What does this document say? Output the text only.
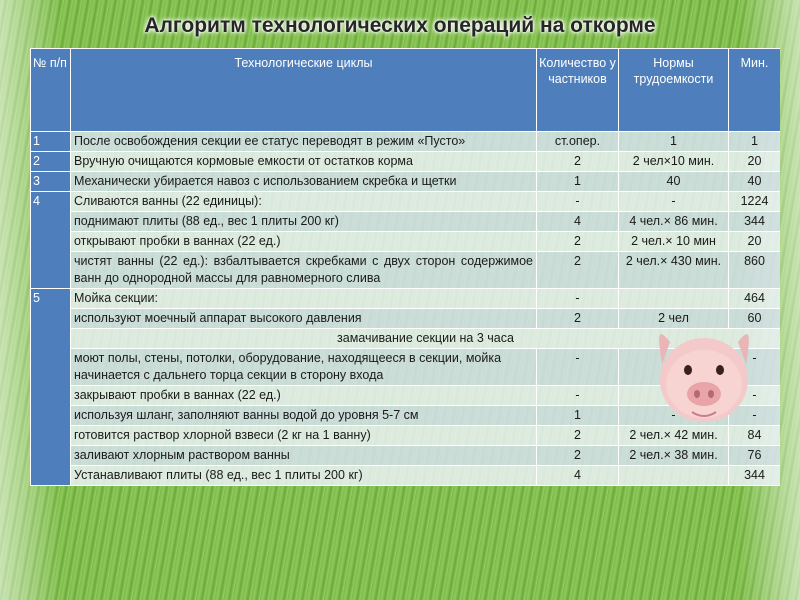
Алгоритм технологических операций на откорме
№ п/п	Технологические циклы	Количество участников	Нормы трудоемкости	Мин.
1	После освобождения секции ее статус переводят в режим «Пусто»	ст.опер.	1	1
2	Вручную очищаются кормовые емкости от остатков корма	2	2 чел×10 мин.	20
3	Механически убирается навоз с использованием скребка и щетки	1	40	40
4	Сливаются ванны (22 единицы):	-	-	1224
	поднимают плиты (88 ед., вес 1 плиты 200 кг)	4	4 чел.× 86 мин.	344
	открывают пробки в ваннах (22 ед.)	2	2 чел.× 10 мин	20
	чистят ванны (22 ед.): взбалтывается скребками с двух сторон содержимое ванн до однородной массы для равномерного слива	2	2 чел.× 430 мин.	860
5	Мойка секции:	-		464
	используют моечный аппарат высокого давления	2	2 чел	60
	замачивание секции на 3 часа			
	моют полы, стены, потолки, оборудование, находящееся в секции, мойка начинается с дальнего торца секции в сторону входа	-		-
	закрывают пробки в ваннах (22 ед.)	-		-
	используя шланг, заполняют ванны водой до уровня 5-7 см	1	-	-
	готовится раствор хлорной взвеси (2 кг на 1 ванну)	2	2 чел.× 42 мин.	84
	заливают хлорным раствором ванны	2	2 чел.× 38 мин.	76
	Устанавливают плиты (88 ед., вес 1 плиты 200 кг)	4		344
